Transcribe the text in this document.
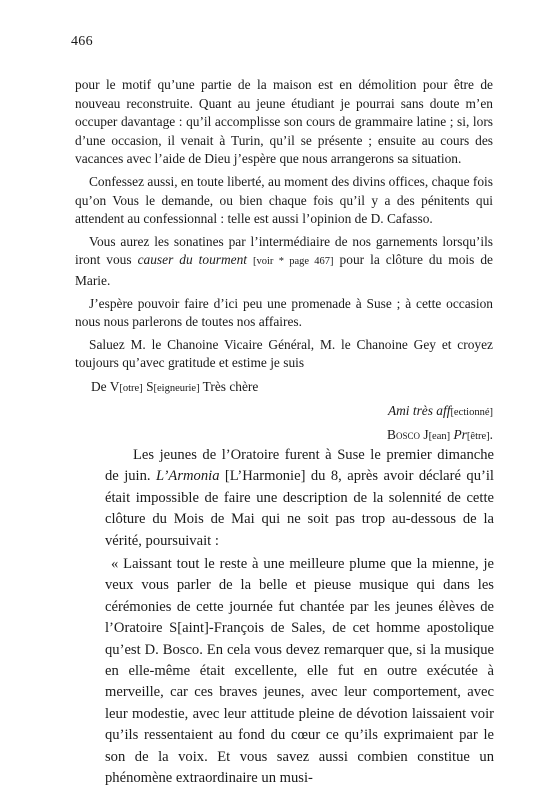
466

pour le motif qu’une partie de la maison est en démolition pour être de nouveau reconstruite. Quant au jeune étudiant je pourrai sans doute m’en occuper davantage : qu’il accomplisse son cours de grammaire latine ; si, lors d’une occasion, il venait à Turin, qu’il se présente ; ensuite au cours des vacances avec l’aide de Dieu j’espère que nous arrangerons sa situation.

Confessez aussi, en toute liberté, au moment des divins offices, chaque fois qu’on Vous le demande, ou bien chaque fois qu’il y a des pénitents qui attendent au confessionnal : telle est aussi l’opinion de D. Cafasso.

Vous aurez les sonatines par l’intermédiaire de nos garnements lorsqu’ils iront vous causer du tourment [voir * page 467] pour la clôture du mois de Marie.

J’espère pouvoir faire d’ici peu une promenade à Suse ; à cette occasion nous nous parlerons de toutes nos affaires.

Saluez M. le Chanoine Vicaire Général, M. le Chanoine Gey et croyez toujours qu’avec gratitude et estime je suis

De V[otre] S[eigneurie] Très chère
Ami très aff[ectionné]
Bosco J[ean] Pr[être].

Les jeunes de l’Oratoire furent à Suse le premier dimanche de juin. L’Armonia [L’Harmonie] du 8, après avoir déclaré qu’il était impossible de faire une description de la solennité de cette clôture du Mois de Mai qui ne soit pas trop au-dessous de la vérité, poursuivait :

« Laissant tout le reste à une meilleure plume que la mienne, je veux vous parler de la belle et pieuse musique qui dans les cérémonies de cette journée fut chantée par les jeunes élèves de l’Oratoire S[aint]-François de Sales, de cet homme apostolique qu’est D. Bosco. En cela vous devez remarquer que, si la musique en elle-même était excellente, elle fut en outre exécutée à merveille, car ces braves jeunes, avec leur comportement, avec leur modestie, avec leur attitude pleine de dévotion laissaient voir qu’ils ressentaient au fond du cœur ce qu’ils exprimaient par le son de la voix. Et vous savez aussi combien constitue un phénomène extraordinaire un musi-
